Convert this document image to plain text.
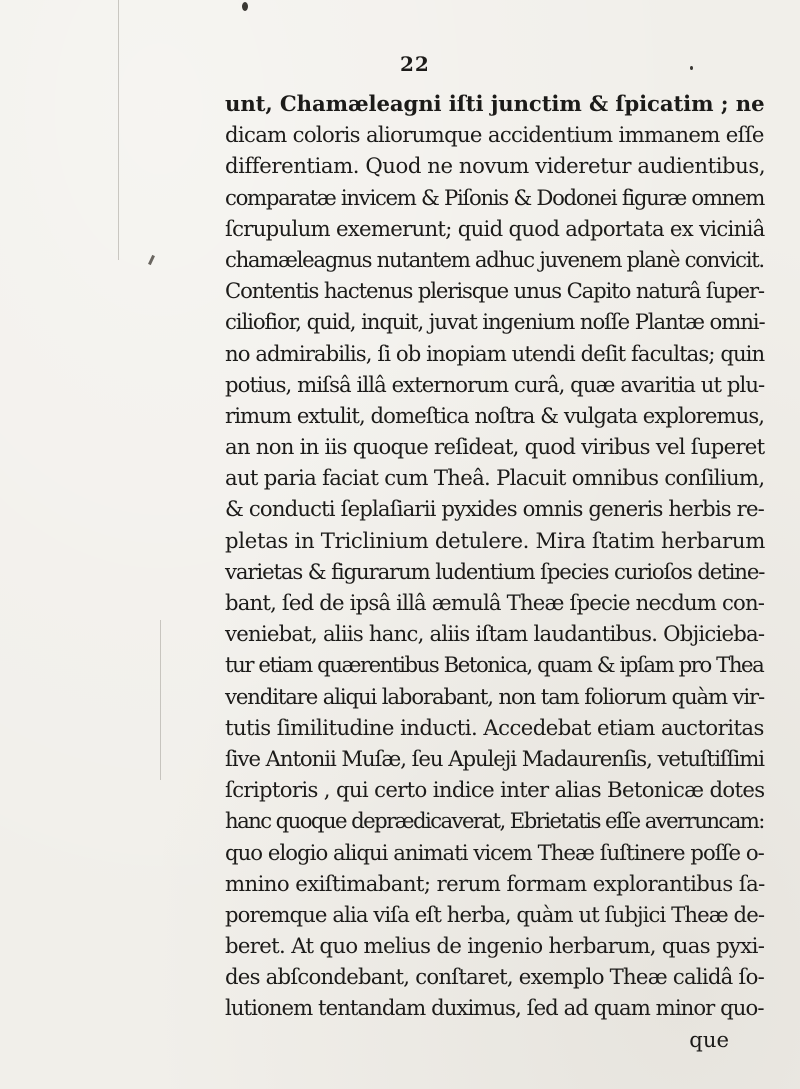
22
unt, Chamæleagni iſti junctim & ſpicatim ; ne
dicam coloris aliorumque accidentium immanem eſſe
differentiam. Quod ne novum videretur audientibus,
comparatæ invicem & Piſonis & Dodonei figuræ omnem
ſcrupulum exemerunt; quid quod adportata ex viciniâ
chamæleagnus nutantem adhuc juvenem planè convicit.
Contentis hactenus plerisque unus Capito naturâ ſuper-
ciliofior, quid, inquit, juvat ingenium noſſe Plantæ omni-
no admirabilis, ſi ob inopiam utendi deſit facultas; quin
potius, miſsâ illâ externorum curâ, quæ avaritia ut plu-
rimum extulit, domeſtica noſtra & vulgata exploremus,
an non in iis quoque reſideat, quod viribus vel ſuperet
aut paria faciat cum Theâ. Placuit omnibus conſilium,
& conducti ſeplaſiarii pyxides omnis generis herbis re-
pletas in Triclinium detulere. Mira ſtatim herbarum
varietas & figurarum ludentium ſpecies curioſos detine-
bant, ſed de ipsâ illâ æmulâ Theæ ſpecie necdum con-
veniebat, aliis hanc, aliis iſtam laudantibus. Objicieba-
tur etiam quærentibus Betonica, quam & ipſam pro Thea
venditare aliqui laborabant, non tam foliorum quàm vir-
tutis ſimilitudine inducti. Accedebat etiam auctoritas
ſive Antonii Muſæ, ſeu Apuleji Madaurenſis, vetuſtiſſimi
ſcriptoris , qui certo indice inter alias Betonicæ dotes
hanc quoque deprædicaverat, Ebrietatis eſſe averruncam:
quo elogio aliqui animati vicem Theæ ſuſtinere poſſe o-
mnino exiſtimabant; rerum formam explorantibus ſa-
poremque alia viſa eſt herba, quàm ut ſubjici Theæ de-
beret. At quo melius de ingenio herbarum, quas pyxi-
des abſcondebant, conſtaret, exemplo Theæ calidâ ſo-
lutionem tentandam duximus, ſed ad quam minor quo-
que
